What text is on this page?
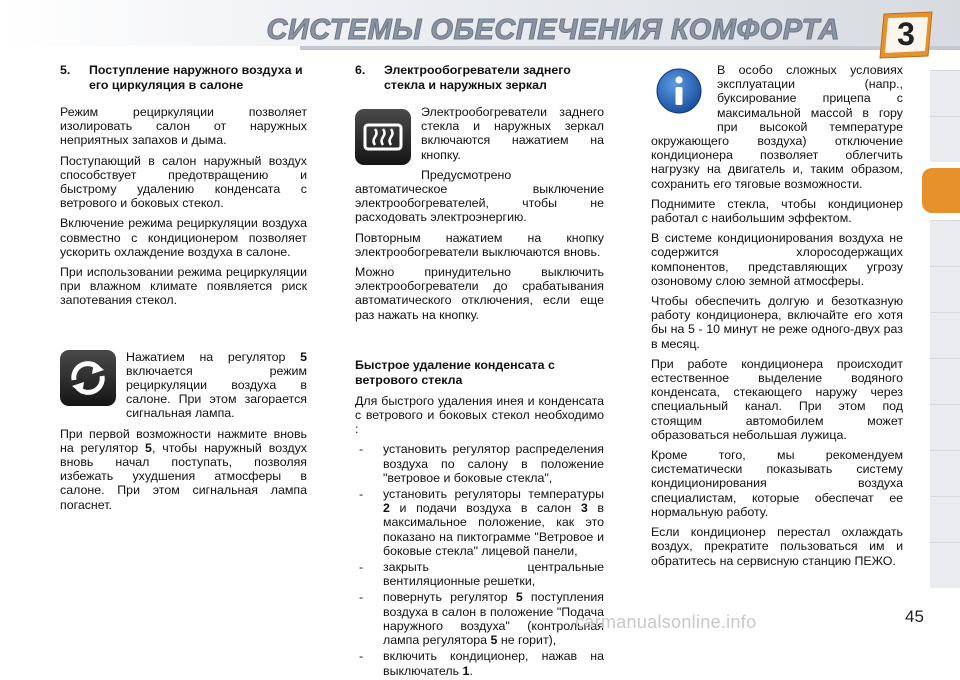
СИСТЕМЫ ОБЕСПЕЧЕНИЯ КОМФОРТА	3
5.	Поступление наружного воздуха и его циркуляция в салоне

Режим рециркуляции позволяет изолировать салон от наружных неприятных запахов и дыма.

Поступающий в салон наружный воздух способствует предотвращению и быстрому удалению конденсата с ветрового и боковых стекол.

Включение режима рециркуляции воздуха совместно с кондиционером позволяет ускорить охлаждение воздуха в салоне.

При использовании режима рециркуляции при влажном климате появляется риск запотевания стекол.

Нажатием на регулятор 5 включается режим рециркуляции воздуха в салоне. При этом загорается сигнальная лампа.

При первой возможности нажмите вновь на регулятор 5, чтобы наружный воздух вновь начал поступать, позволяя избежать ухудшения атмосферы в салоне. При этом сигнальная лампа погаснет.

6.	Электрообогреватели заднего стекла и наружных зеркал

Электрообогреватели заднего стекла и наружных зеркал включаются нажатием на кнопку.

Предусмотрено автоматическое выключение электрообогревателей, чтобы не расходовать электроэнергию.

Повторным нажатием на кнопку электрообогреватели выключаются вновь.

Можно принудительно выключить электрообогреватели до срабатывания автоматического отключения, если еще раз нажать на кнопку.

Быстрое удаление конденсата с ветрового стекла

Для быстрого удаления инея и конденсата с ветрового и боковых стекол необходимо :

- установить регулятор распределения воздуха по салону в положение "ветровое и боковые стекла",
- установить регуляторы температуры 2 и подачи воздуха в салон 3 в максимальное положение, как это показано на пиктограмме "Ветровое и боковые стекла" лицевой панели,
- закрыть центральные вентиляционные решетки,
- повернуть регулятор 5 поступления воздуха в салон в положение "Подача наружного воздуха" (контрольная лампа регулятора 5 не горит),
- включить кондиционер, нажав на выключатель 1.

В особо сложных условиях эксплуатации (напр., буксирование прицепа с максимальной массой в гору при высокой температуре окружающего воздуха) отключение кондиционера позволяет облегчить нагрузку на двигатель и, таким образом, сохранить его тяговые возможности.

Поднимите стекла, чтобы кондиционер работал с наибольшим эффектом.

В системе кондиционирования воздуха не содержится хлоросодержащих компонентов, представляющих угрозу озоновому слою земной атмосферы.

Чтобы обеспечить долгую и безотказную работу кондиционера, включайте его хотя бы на 5 - 10 минут не реже одного-двух раз в месяц.

При работе кондиционера происходит естественное выделение водяного конденсата, стекающего наружу через специальный канал. При этом под стоящим автомобилем может образоваться небольшая лужица.

Кроме того, мы рекомендуем систематически показывать систему кондиционирования воздуха специалистам, которые обеспечат ее нормальную работу.

Если кондиционер перестал охлаждать воздух, прекратите пользоваться им и обратитесь на сервисную станцию ПЕЖО.

carmanualsonline.info	45
